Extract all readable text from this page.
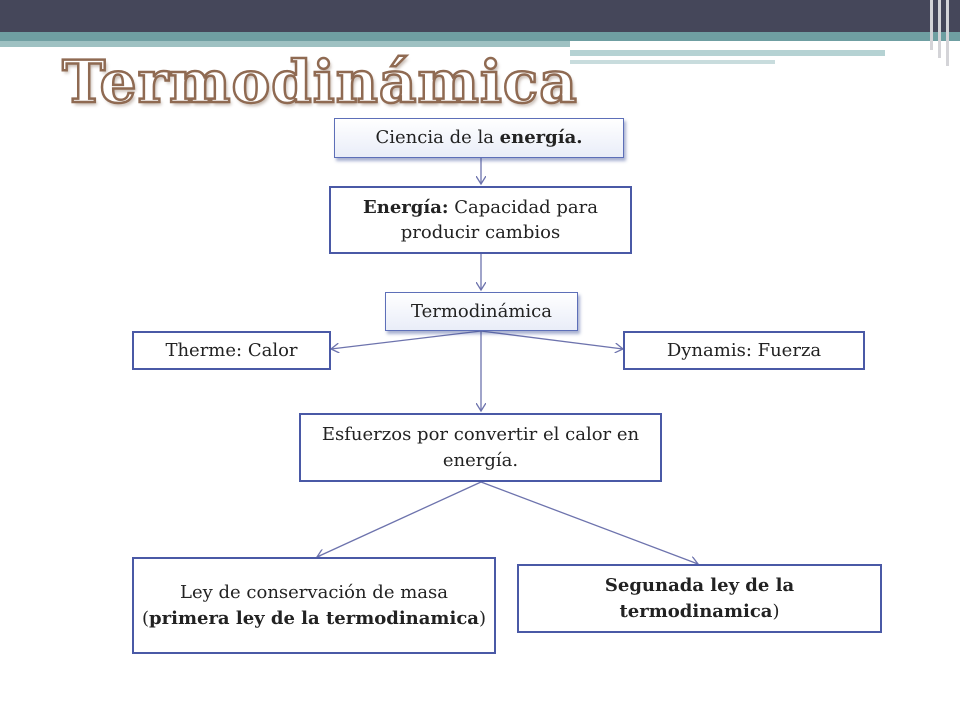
Termodinámica
Ciencia de la energía.
Energía: Capacidad para producir cambios
Termodinámica
Therme: Calor	Dynamis: Fuerza
Esfuerzos por convertir el calor en energía.
Ley de conservación de masa (primera ley de la termodinamica)
Segunada ley de la termodinamica)
